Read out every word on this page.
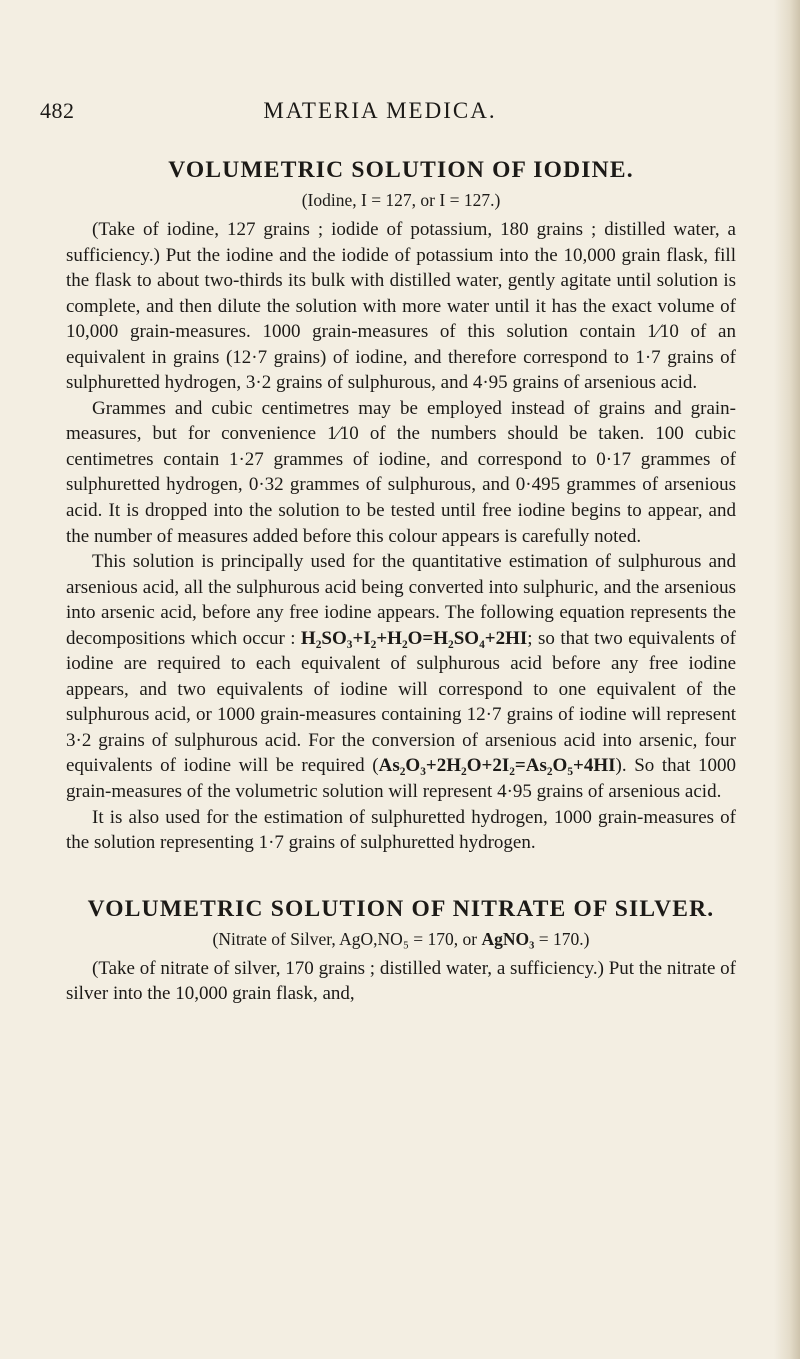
482	MATERIA MEDICA.
VOLUMETRIC SOLUTION OF IODINE.
(Iodine, I = 127, or I = 127.)

(Take of iodine, 127 grains ; iodide of potassium, 180 grains ; distilled water, a sufficiency.) Put the iodine and the iodide of potassium into the 10,000 grain flask, fill the flask to about two-thirds its bulk with distilled water, gently agitate until solution is complete, and then dilute the solution with more water until it has the exact volume of 10,000 grain-measures. 1000 grain-measures of this solution contain 1⁄10 of an equivalent in grains (12·7 grains) of iodine, and therefore correspond to 1·7 grains of sulphuretted hydrogen, 3·2 grains of sulphurous, and 4·95 grains of arsenious acid.

Grammes and cubic centimetres may be employed instead of grains and grain-measures, but for convenience 1⁄10 of the numbers should be taken. 100 cubic centimetres contain 1·27 grammes of iodine, and correspond to 0·17 grammes of sulphuretted hydrogen, 0·32 grammes of sulphurous, and 0·495 grammes of arsenious acid. It is dropped into the solution to be tested until free iodine begins to appear, and the number of measures added before this colour appears is carefully noted.

This solution is principally used for the quantitative estimation of sulphurous and arsenious acid, all the sulphurous acid being converted into sulphuric, and the arsenious into arsenic acid, before any free iodine appears. The following equation represents the decompositions which occur : H₂SO₃+I₂+H₂O=H₂SO₄+2HI; so that two equivalents of iodine are required to each equivalent of sulphurous acid before any free iodine appears, and two equivalents of iodine will correspond to one equivalent of the sulphurous acid, or 1000 grain-measures containing 12·7 grains of iodine will represent 3·2 grains of sulphurous acid. For the conversion of arsenious acid into arsenic, four equivalents of iodine will be required (As₂O₃+2H₂O+2I₂=As₂O₅+4HI). So that 1000 grain-measures of the volumetric solution will represent 4·95 grains of arsenious acid.

It is also used for the estimation of sulphuretted hydrogen, 1000 grain-measures of the solution representing 1·7 grains of sulphuretted hydrogen.

VOLUMETRIC SOLUTION OF NITRATE OF SILVER.
(Nitrate of Silver, AgO,NO₅ = 170, or AgNO₃ = 170.)

(Take of nitrate of silver, 170 grains ; distilled water, a sufficiency.) Put the nitrate of silver into the 10,000 grain flask, and,
